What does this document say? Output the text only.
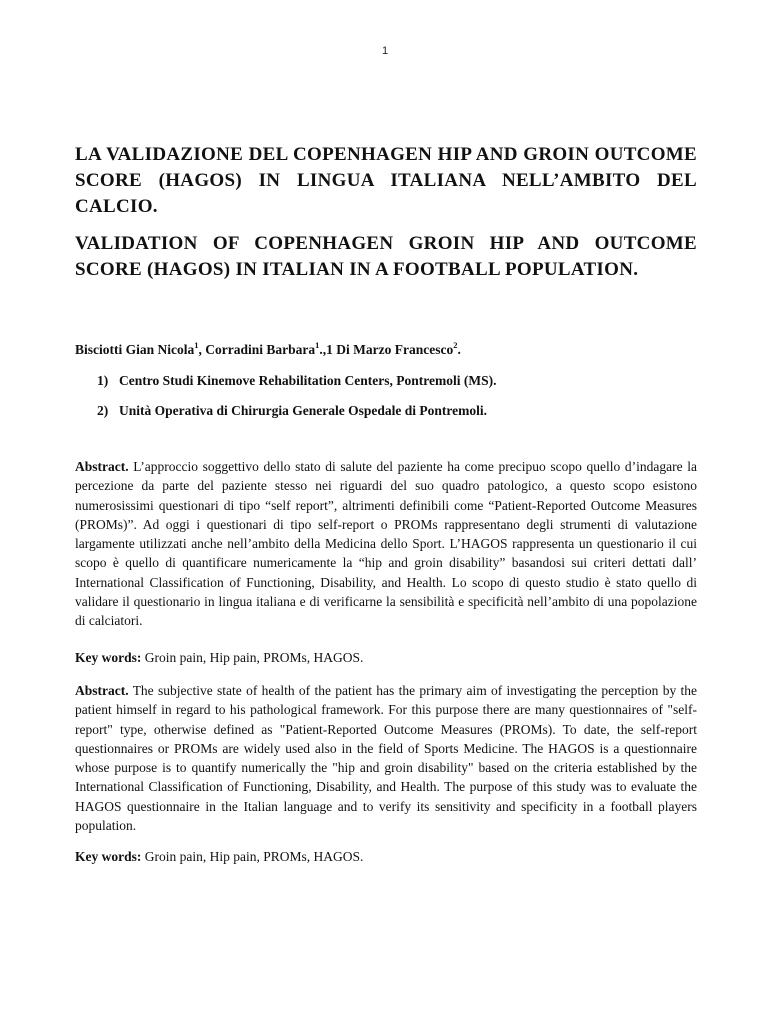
1
LA VALIDAZIONE DEL COPENHAGEN HIP AND GROIN OUTCOME SCORE (HAGOS) IN LINGUA ITALIANA NELL’AMBITO DEL CALCIO.
VALIDATION OF COPENHAGEN GROIN HIP AND OUTCOME SCORE (HAGOS) IN ITALIAN IN A FOOTBALL POPULATION.

Bisciotti Gian Nicola$^1$, Corradini Barbara$^1$.,1 Di Marzo Francesco$^2$.

1) Centro Studi Kinemove Rehabilitation Centers, Pontremoli (MS).
2) Unità Operativa di Chirurgia Generale Ospedale di Pontremoli.

Abstract. L’approccio soggettivo dello stato di salute del paziente ha come precipuo scopo quello d’indagare la percezione da parte del paziente stesso nei riguardi del suo quadro patologico, a questo scopo esistono numerosissimi questionari di tipo “self report”, altrimenti definibili come “Patient-Reported Outcome Measures (PROMs)”. Ad oggi i questionari di tipo self-report o PROMs rappresentano degli strumenti di valutazione largamente utilizzati anche nell’ambito della Medicina dello Sport. L’HAGOS rappresenta un questionario il cui scopo è quello di quantificare numericamente la “hip and groin disability” basandosi sui criteri dettati dall’ International Classification of Functioning, Disability, and Health. Lo scopo di questo studio è stato quello di validare il questionario in lingua italiana e di verificarne la sensibilità e specificità nell’ambito di una popolazione di calciatori.

Key words: Groin pain, Hip pain, PROMs, HAGOS.

Abstract. The subjective state of health of the patient has the primary aim of investigating the perception by the patient himself in regard to his pathological framework. For this purpose there are many questionnaires of "self-report" type, otherwise defined as "Patient-Reported Outcome Measures (PROMs). To date, the self-report questionnaires or PROMs are widely used also in the field of Sports Medicine. The HAGOS is a questionnaire whose purpose is to quantify numerically the "hip and groin disability" based on the criteria established by the International Classification of Functioning, Disability, and Health. The purpose of this study was to evaluate the HAGOS questionnaire in the Italian language and to verify its sensitivity and specificity in a football players population.

Key words: Groin pain, Hip pain, PROMs, HAGOS.
